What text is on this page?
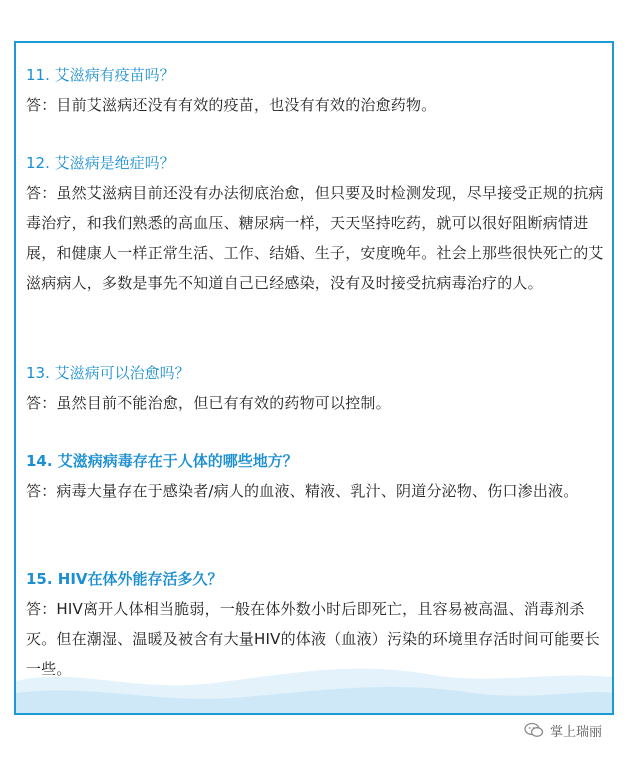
11. 艾滋病有疫苗吗？

答：目前艾滋病还没有有效的疫苗，也没有有效的治愈药物。

12. 艾滋病是绝症吗？

答：虽然艾滋病目前还没有办法彻底治愈，但只要及时检测发现，尽早接受正规的抗病毒治疗，和我们熟悉的高血压、糖尿病一样，天天坚持吃药，就可以很好阻断病情进展，和健康人一样正常生活、工作、结婚、生子，安度晚年。社会上那些很快死亡的艾滋病病人，多数是事先不知道自己已经感染，没有及时接受抗病毒治疗的人。

13. 艾滋病可以治愈吗？

答：虽然目前不能治愈，但已有有效的药物可以控制。

14. 艾滋病病毒存在于人体的哪些地方？

答：病毒大量存在于感染者/病人的血液、精液、乳汁、阴道分泌物、伤口渗出液。

15. HIV在体外能存活多久？

答：HIV离开人体相当脆弱，一般在体外数小时后即死亡，且容易被高温、消毒剂杀灭。但在潮湿、温暖及被含有大量HIV的体液（血液）污染的环境里存活时间可能要长一些。

掌上瑞丽
